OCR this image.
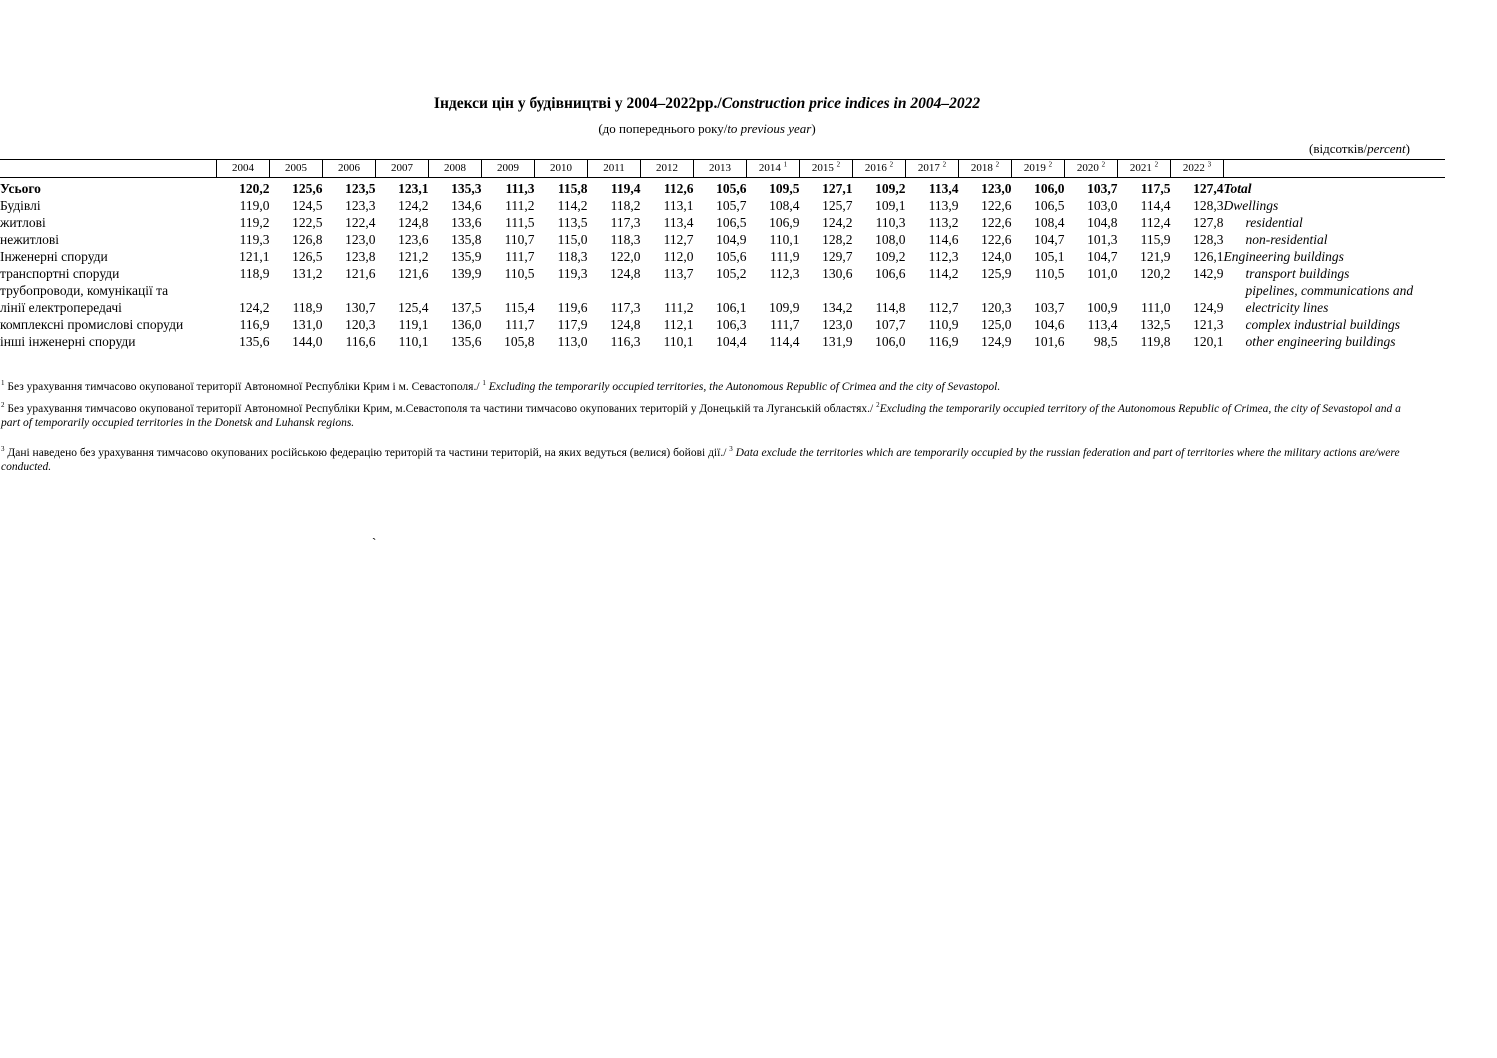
Індекси цін у будівництві у 2004–2022рр./Construction price indices in 2004–2022
(до попереднього року/to previous year)
(відсотків/percent)
	2004	2005	2006	2007	2008	2009	2010	2011	2012	2013	2014 $^1$	2015 $^2$	2016 $^2$	2017 $^2$	2018 $^2$	2019 $^2$	2020 $^2$	2021 $^2$	2022 $^3$	
Усього	120,2	125,6	123,5	123,1	135,3	111,3	115,8	119,4	112,6	105,6	109,5	127,1	109,2	113,4	123,0	106,0	103,7	117,5	127,4	Total
Будівлі	119,0	124,5	123,3	124,2	134,6	111,2	114,2	118,2	113,1	105,7	108,4	125,7	109,1	113,9	122,6	106,5	103,0	114,4	128,3	Dwellings
житлові	119,2	122,5	122,4	124,8	133,6	111,5	113,5	117,3	113,4	106,5	106,9	124,2	110,3	113,2	122,6	108,4	104,8	112,4	127,8	residential
нежитлові	119,3	126,8	123,0	123,6	135,8	110,7	115,0	118,3	112,7	104,9	110,1	128,2	108,0	114,6	122,6	104,7	101,3	115,9	128,3	non-residential
Інженерні споруди	121,1	126,5	123,8	121,2	135,9	111,7	118,3	122,0	112,0	105,6	111,9	129,7	109,2	112,3	124,0	105,1	104,7	121,9	126,1	Engineering buildings
транспортні споруди	118,9	131,2	121,6	121,6	139,9	110,5	119,3	124,8	113,7	105,2	112,3	130,6	106,6	114,2	125,9	110,5	101,0	120,2	142,9	transport buildings
трубопроводи, комунікації та
лінії електропередачі	124,2	118,9	130,7	125,4	137,5	115,4	119,6	117,3	111,2	106,1	109,9	134,2	114,8	112,7	120,3	103,7	100,9	111,0	124,9	pipelines, communications and
electricity lines
комплексні промислові споруди	116,9	131,0	120,3	119,1	136,0	111,7	117,9	124,8	112,1	106,3	111,7	123,0	107,7	110,9	125,0	104,6	113,4	132,5	121,3	complex industrial buildings
інші інженерні споруди	135,6	144,0	116,6	110,1	135,6	105,8	113,0	116,3	110,1	104,4	114,4	131,9	106,0	116,9	124,9	101,6	98,5	119,8	120,1	other engineering buildings
$^1$ Без урахування тимчасово окупованої території Автономної Республіки Крим і м. Севастополя./ $^1$ Excluding the temporarily occupied territories, the Autonomous Republic of Crimea and the city of Sevastopol.
$^2$ Без урахування тимчасово окупованої території Автономної Республіки Крим, м.Севастополя та частини тимчасово окупованих територій у Донецькій та Луганській областях./ $^2$Excluding the temporarily occupied territory of the Autonomous Republic of Crimea, the city of Sevastopol and a part of temporarily occupied territories in the Donetsk and Luhansk regions.
$^3$ Дані наведено без урахування тимчасово окупованих російською федерацію територій та частини територій, на яких ведуться (велися) бойові дії./ $^3$ Data exclude the territories which are temporarily occupied by the russian federation and part of territories where the military actions are/were conducted.
`
